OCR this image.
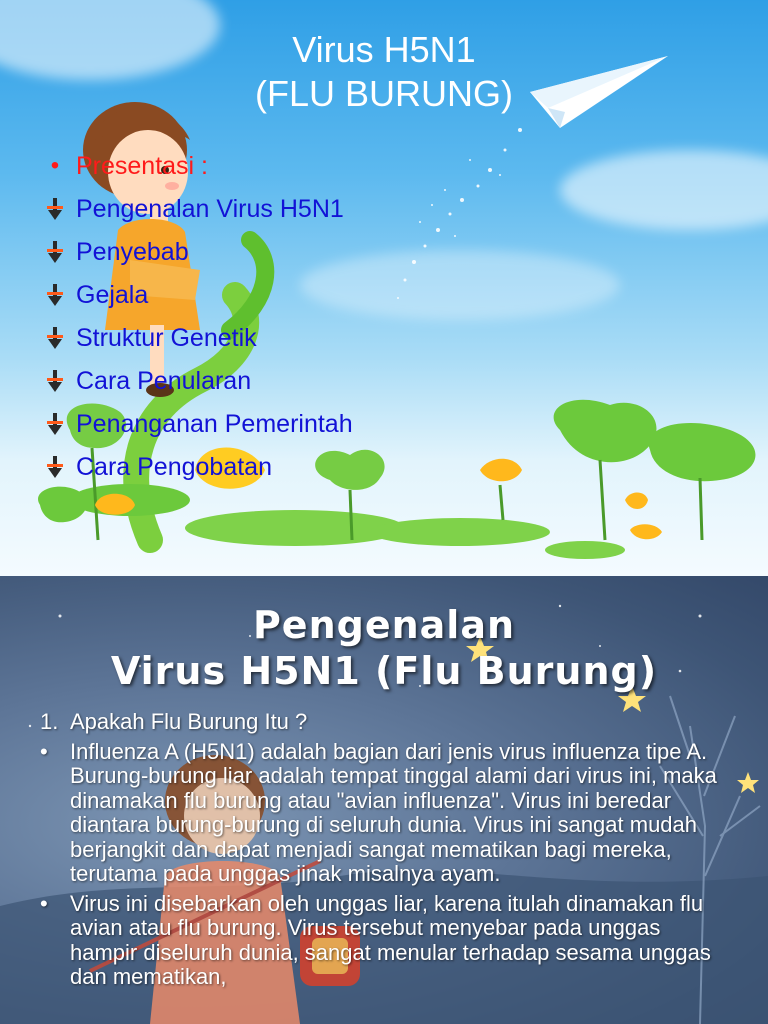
Virus H5N1
(FLU BURUNG)
• Presentasi :
Pengenalan Virus H5N1
Penyebab
Gejala
Struktur Genetik
Cara Penularan
Penanganan Pemerintah
Cara Pengobatan
Pengenalan
Virus H5N1 (Flu Burung)
1. Apakah Flu Burung Itu ?
•	Influenza A (H5N1) adalah bagian dari jenis virus influenza tipe A. Burung-burung liar adalah tempat tinggal alami dari virus ini, maka dinamakan flu burung atau "avian influenza". Virus ini beredar diantara burung-burung di seluruh dunia. Virus ini sangat mudah berjangkit dan dapat menjadi sangat mematikan bagi mereka, terutama pada unggas jinak misalnya ayam.
•	Virus ini disebarkan oleh unggas liar, karena itulah dinamakan flu avian atau flu burung. Virus tersebut menyebar pada unggas hampir diseluruh dunia, sangat menular terhadap sesama unggas dan mematikan,
